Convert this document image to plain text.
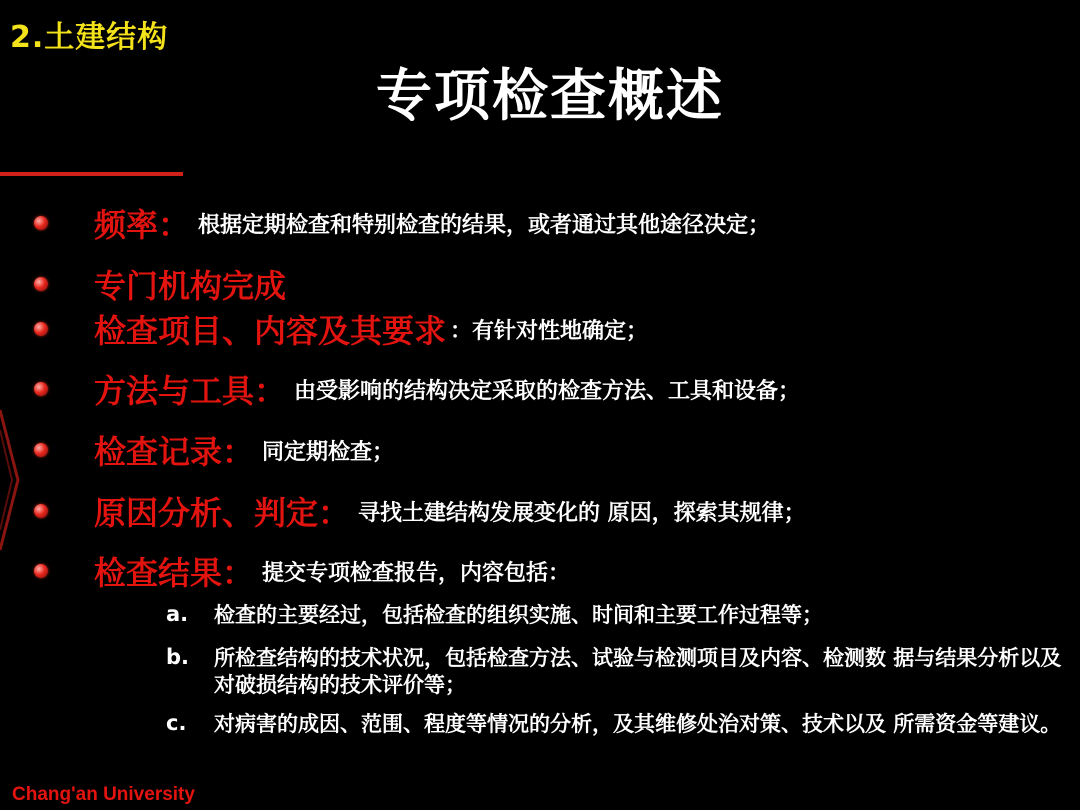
2.土建结构
专项检查概述
频率： 根据定期检查和特别检查的结果，或者通过其他途径决定；
专门机构完成
检查项目、内容及其要求 ：有针对性地确定；
方法与工具： 由受影响的结构决定采取的检查方法、工具和设备；
检查记录： 同定期检查；
原因分析、判定： 寻找土建结构发展变化的 原因，探索其规律；
检查结果： 提交专项检查报告，内容包括：
a.	检查的主要经过，包括检查的组织实施、时间和主要工作过程等；
b.	所检查结构的技术状况，包括检查方法、试验与检测项目及内容、检测数 据与结果分析以及对破损结构的技术评价等；
c.	对病害的成因、范围、程度等情况的分析，及其维修处治对策、技术以及 所需资金等建议。
Chang'an University
